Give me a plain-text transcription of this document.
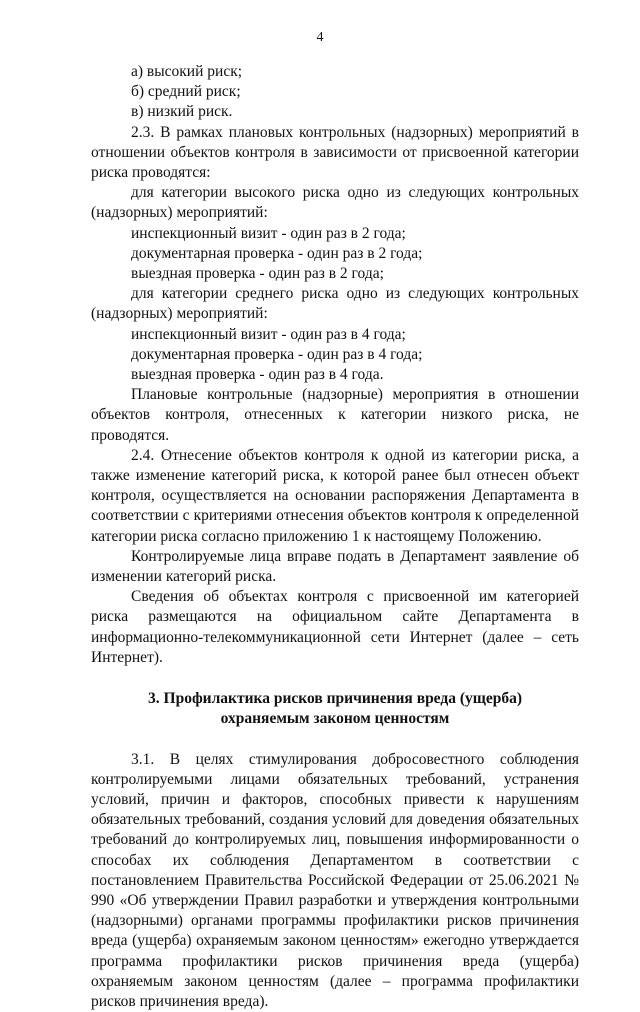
4

а) высокий риск;

б) средний риск;

в) низкий риск.

2.3. В рамках плановых контрольных (надзорных) мероприятий в отношении объектов контроля в зависимости от присвоенной категории риска проводятся:

для категории высокого риска одно из следующих контрольных (надзорных) мероприятий:

инспекционный визит - один раз в 2 года;

документарная проверка - один раз в 2 года;

выездная проверка - один раз в 2 года;

для категории среднего риска одно из следующих контрольных (надзорных) мероприятий:

инспекционный визит - один раз в 4 года;

документарная проверка - один раз в 4 года;

выездная проверка - один раз в 4 года.

Плановые контрольные (надзорные) мероприятия в отношении объектов контроля, отнесенных к категории низкого риска, не проводятся.

2.4. Отнесение объектов контроля к одной из категории риска, а также изменение категорий риска, к которой ранее был отнесен объект контроля, осуществляется на основании распоряжения Департамента в соответствии с критериями отнесения объектов контроля к определенной категории риска согласно приложению 1 к настоящему Положению.

Контролируемые лица вправе подать в Департамент заявление об изменении категорий риска.

Сведения об объектах контроля с присвоенной им категорией риска размещаются на официальном сайте Департамента в информационно-телекоммуникационной сети Интернет (далее – сеть Интернет).

3. Профилактика рисков причинения вреда (ущерба)
охраняемым законом ценностям

3.1. В целях стимулирования добросовестного соблюдения контролируемыми лицами обязательных требований, устранения условий, причин и факторов, способных привести к нарушениям обязательных требований, создания условий для доведения обязательных требований до контролируемых лиц, повышения информированности о способах их соблюдения Департаментом в соответствии с постановлением Правительства Российской Федерации от 25.06.2021 № 990 «Об утверждении Правил разработки и утверждения контрольными (надзорными) органами программы профилактики рисков причинения вреда (ущерба) охраняемым законом ценностям» ежегодно утверждается программа профилактики рисков причинения вреда (ущерба) охраняемым законом ценностям (далее – программа профилактики рисков причинения вреда).
